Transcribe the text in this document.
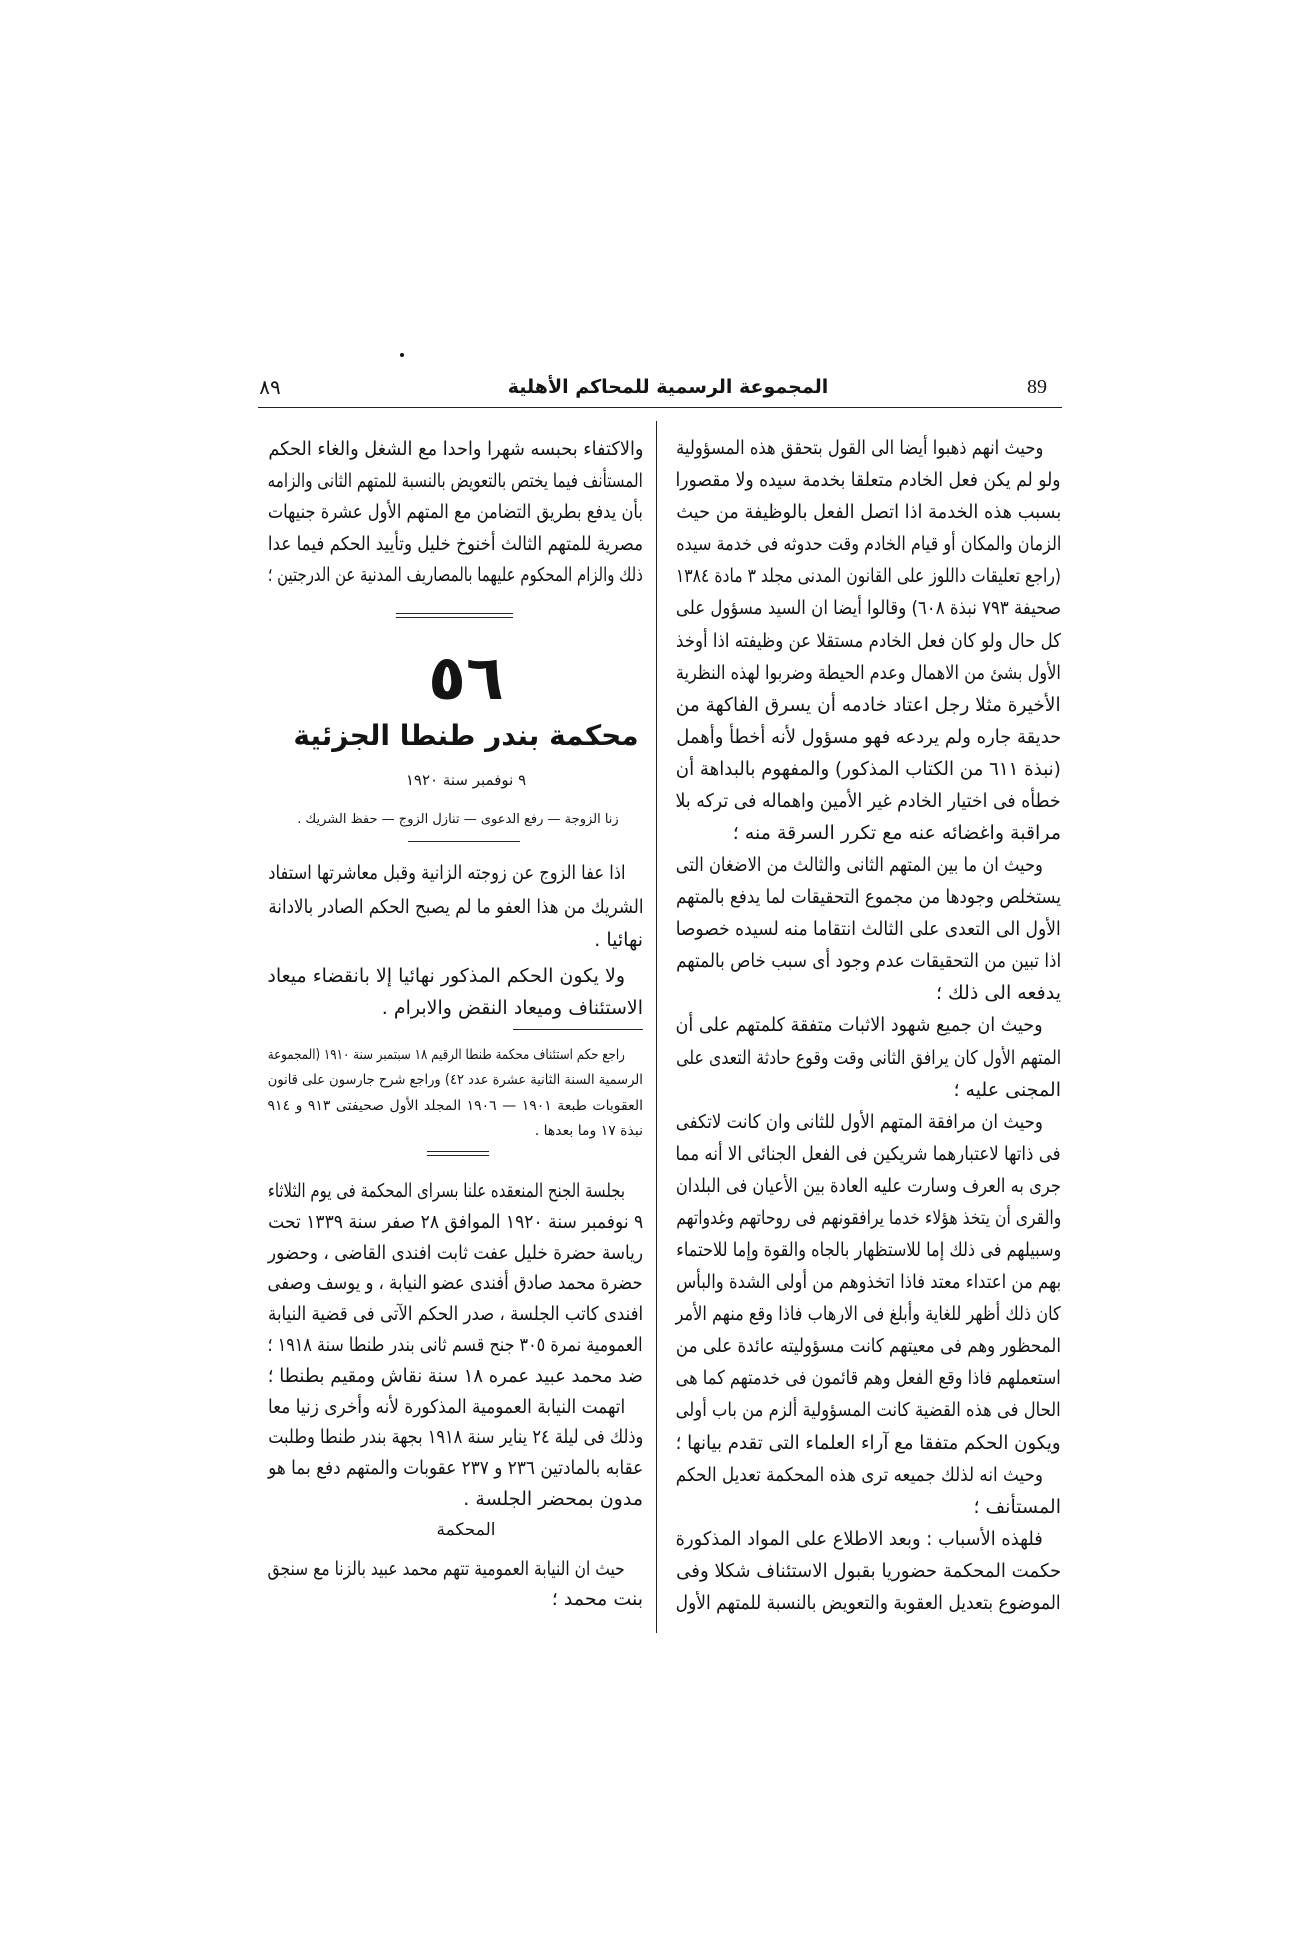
89
المجموعة الرسمية للمحاكم الأهلية
٨٩
وحيث انهم ذهبوا أيضا الى القول بتحقق هذه المسؤولية
ولو لم يكن فعل الخادم متعلقا بخدمة سيده ولا مقصورا
بسبب هذه الخدمة اذا اتصل الفعل بالوظيفة من حيث
الزمان والمكان أو قيام الخادم وقت حدوثه فى خدمة سيده
(راجع تعليقات داللوز على القانون المدنى مجلد ٣ مادة ١٣٨٤
صحيفة ٧٩٣ نبذة ٦٠٨) وقالوا أيضا ان السيد مسؤول على
كل حال ولو كان فعل الخادم مستقلا عن وظيفته اذا أوخذ
الأول بشئ من الاهمال وعدم الحيطة وضربوا لهذه النظرية
الأخيرة مثلا رجل اعتاد خادمه أن يسرق الفاكهة من
حديقة جاره ولم يردعه فهو مسؤول لأنه أخطأ وأهمل
(نبذة ٦١١ من الكتاب المذكور) والمفهوم بالبداهة أن
خطأه فى اختيار الخادم غير الأمين واهماله فى تركه بلا
مراقبة واغضائه عنه مع تكرر السرقة منه ؛
وحيث ان ما بين المتهم الثانى والثالث من الاضغان التى
يستخلص وجودها من مجموع التحقيقات لما يدفع بالمتهم
الأول الى التعدى على الثالث انتقاما منه لسيده خصوصا
اذا تبين من التحقيقات عدم وجود أى سبب خاص بالمتهم
يدفعه الى ذلك ؛
وحيث ان جميع شهود الاثبات متفقة كلمتهم على أن
المتهم الأول كان يرافق الثانى وقت وقوع حادثة التعدى على
المجنى عليه ؛
وحيث ان مرافقة المتهم الأول للثانى وان كانت لاتكفى
فى ذاتها لاعتبارهما شريكين فى الفعل الجنائى الا أنه مما
جرى به العرف وسارت عليه العادة بين الأعيان فى البلدان
والقرى أن يتخذ هؤلاء خدما يرافقونهم فى روحاتهم وغدواتهم
وسبيلهم فى ذلك إما للاستظهار بالجاه والقوة وإما للاحتماء
بهم من اعتداء معتد فاذا اتخذوهم من أولى الشدة والبأس
كان ذلك أظهر للغاية وأبلغ فى الارهاب فاذا وقع منهم الأمر
المحظور وهم فى معيتهم كانت مسؤوليته عائدة على من
استعملهم فاذا وقع الفعل وهم قائمون فى خدمتهم كما هى
الحال فى هذه القضية كانت المسؤولية ألزم من باب أولى
ويكون الحكم متفقا مع آراء العلماء التى تقدم بيانها ؛
وحيث انه لذلك جميعه ترى هذه المحكمة تعديل الحكم
المستأنف ؛
فلهذه الأسباب : وبعد الاطلاع على المواد المذكورة
حكمت المحكمة حضوريا بقبول الاستئناف شكلا وفى
الموضوع بتعديل العقوبة والتعويض بالنسبة للمتهم الأول
٥٦
محكمة بندر طنطا الجزئية
٩ نوفمبر سنة ١٩٢٠
زنا الزوجة — رفع الدعوى — تنازل الزوج — حفظ الشريك .
المحكمة
والاكتفاء بحبسه شهرا واحدا مع الشغل والغاء الحكم
المستأنف فيما يختص بالتعويض بالنسبة للمتهم الثانى والزامه
بأن يدفع بطريق التضامن مع المتهم الأول عشرة جنيهات
مصرية للمتهم الثالث أخنوخ خليل وتأييد الحكم فيما عدا
ذلك والزام المحكوم عليهما بالمصاريف المدنية عن الدرجتين ؛
اذا عفا الزوج عن زوجته الزانية وقبل معاشرتها استفاد
الشريك من هذا العفو ما لم يصبح الحكم الصادر بالادانة
نهائيا .
ولا يكون الحكم المذكور نهائيا إلا بانقضاء ميعاد
الاستئناف وميعاد النقض والابرام .
راجع حكم استئناف محكمة طنطا الرقيم ١٨ سبتمبر سنة ١٩١٠ (المجموعة
الرسمية السنة الثانية عشرة عدد ٤٢) وراجع شرح جارسون على قانون
العقوبات طبعة ١٩٠١ — ١٩٠٦ المجلد الأول صحيفتى ٩١٣ و ٩١٤
نبذة ١٧ وما بعدها .
بجلسة الجنح المنعقده علنا بسراى المحكمة فى يوم الثلاثاء
٩ نوفمبر سنة ١٩٢٠ الموافق ٢٨ صفر سنة ١٣٣٩ تحت
رياسة حضرة خليل عفت ثابت افندى القاضى ، وحضور
حضرة محمد صادق أفندى عضو النيابة ، و يوسف وصفى
افندى كاتب الجلسة ، صدر الحكم الآتى فى قضية النيابة
العمومية نمرة ٣٠٥ جنح قسم ثانى بندر طنطا سنة ١٩١٨ ؛
ضد محمد عبيد عمره ١٨ سنة نقاش ومقيم بطنطا ؛
اتهمت النيابة العمومية المذكورة لأنه وأخرى زنيا معا
وذلك فى ليلة ٢٤ يناير سنة ١٩١٨ بجهة بندر طنطا وطلبت
عقابه بالمادتين ٢٣٦ و ٢٣٧ عقوبات والمتهم دفع بما هو
مدون بمحضر الجلسة .
حيث ان النيابة العمومية تتهم محمد عبيد بالزنا مع سنجق
بنت محمد ؛
